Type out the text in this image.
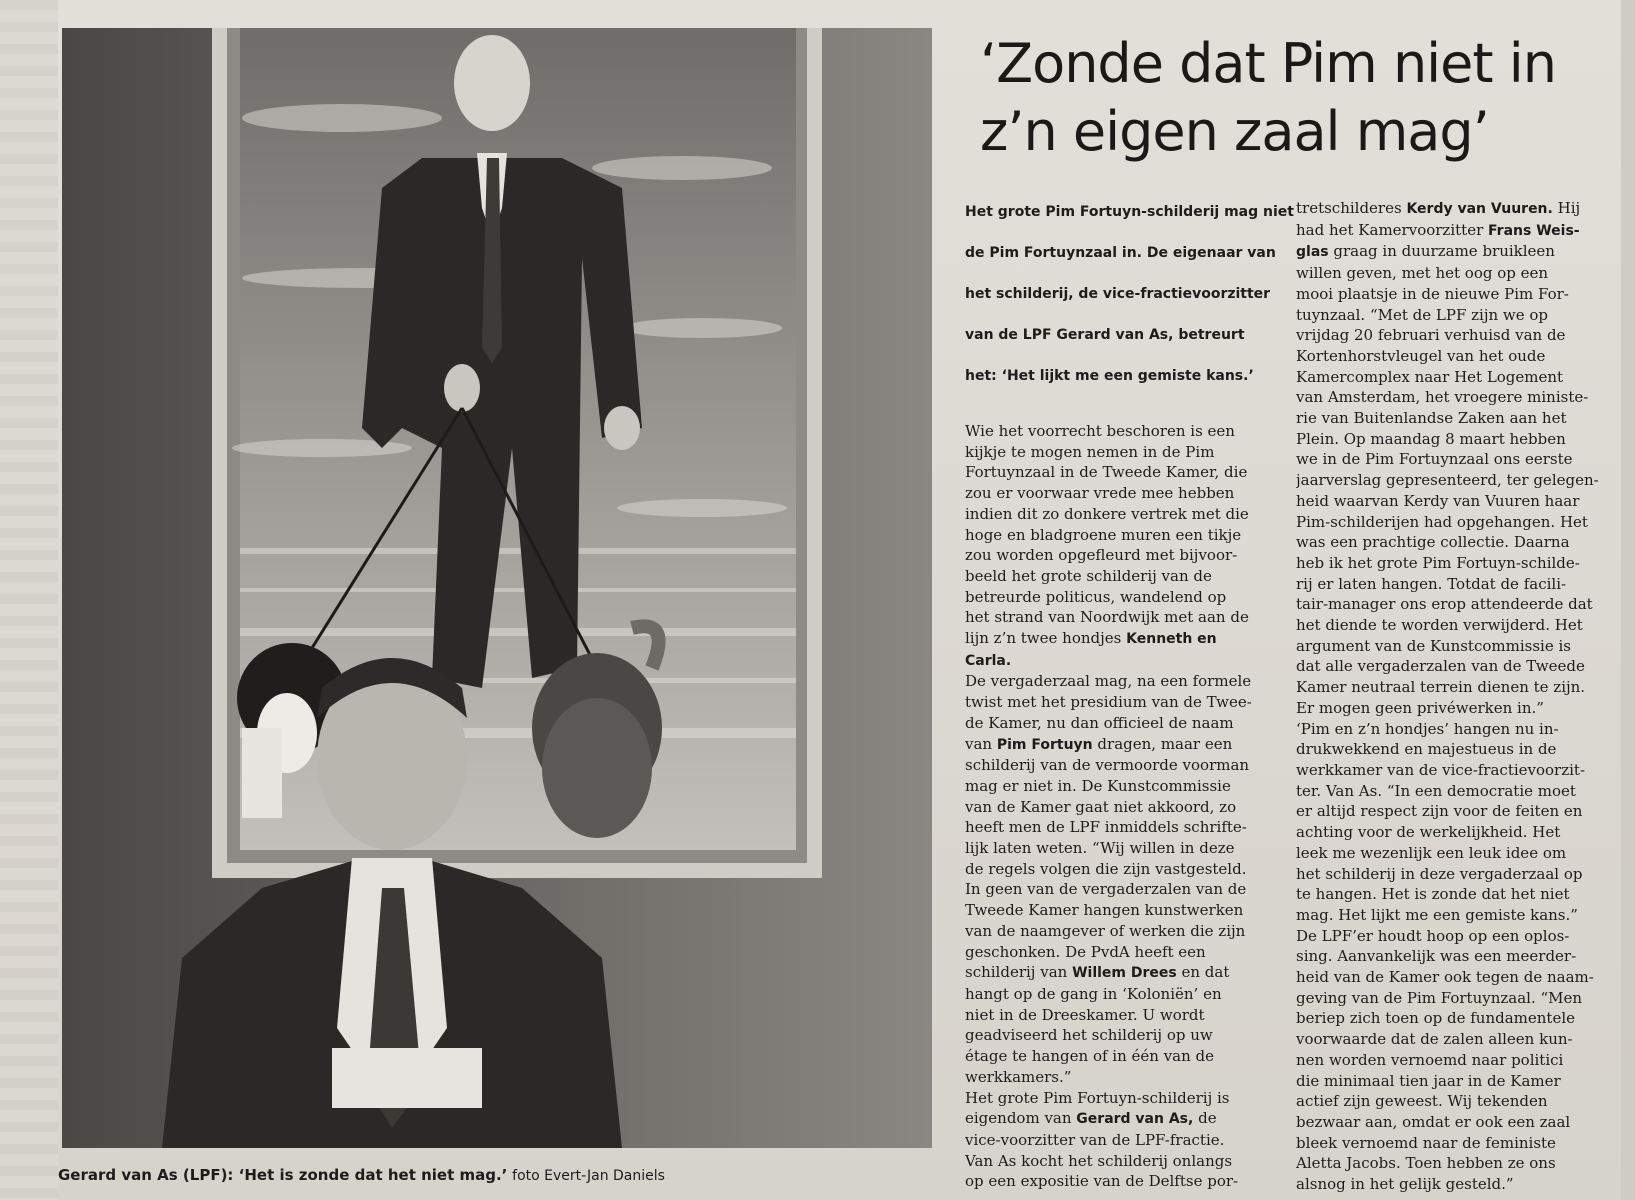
Gerard van As (LPF): ‘Het is zonde dat het niet mag.’ foto Evert-Jan Daniels
‘Zonde dat Pim niet in
z’n eigen zaal mag’
Het grote Pim Fortuyn-schilderij mag niet
de Pim Fortuynzaal in. De eigenaar van
het schilderij, de vice-fractievoorzitter
van de LPF Gerard van As, betreurt
het: ‘Het lijkt me een gemiste kans.’
Wie het voorrecht beschoren is een
kijkje te mogen nemen in de Pim
Fortuynzaal in de Tweede Kamer, die
zou er voorwaar vrede mee hebben
indien dit zo donkere vertrek met die
hoge en bladgroene muren een tikje
zou worden opgefleurd met bijvoor-
beeld het grote schilderij van de
betreurde politicus, wandelend op
het strand van Noordwijk met aan de
lijn z’n twee hondjes Kenneth en
Carla.
De vergaderzaal mag, na een formele
twist met het presidium van de Twee-
de Kamer, nu dan officieel de naam
van Pim Fortuyn dragen, maar een
schilderij van de vermoorde voorman
mag er niet in. De Kunstcommissie
van de Kamer gaat niet akkoord, zo
heeft men de LPF inmiddels schrifte-
lijk laten weten. “Wij willen in deze
de regels volgen die zijn vastgesteld.
In geen van de vergaderzalen van de
Tweede Kamer hangen kunstwerken
van de naamgever of werken die zijn
geschonken. De PvdA heeft een
schilderij van Willem Drees en dat
hangt op de gang in ‘Koloniën’ en
niet in de Dreeskamer. U wordt
geadviseerd het schilderij op uw
étage te hangen of in één van de
werkkamers.”
Het grote Pim Fortuyn-schilderij is
eigendom van Gerard van As, de
vice-voorzitter van de LPF-fractie.
Van As kocht het schilderij onlangs
op een expositie van de Delftse por-
tretschilderes Kerdy van Vuuren. Hij
had het Kamervoorzitter Frans Weis-
glas graag in duurzame bruikleen
willen geven, met het oog op een
mooi plaatsje in de nieuwe Pim For-
tuynzaal. “Met de LPF zijn we op
vrijdag 20 februari verhuisd van de
Kortenhorstvleugel van het oude
Kamercomplex naar Het Logement
van Amsterdam, het vroegere ministe-
rie van Buitenlandse Zaken aan het
Plein. Op maandag 8 maart hebben
we in de Pim Fortuynzaal ons eerste
jaarverslag gepresenteerd, ter gelegen-
heid waarvan Kerdy van Vuuren haar
Pim-schilderijen had opgehangen. Het
was een prachtige collectie. Daarna
heb ik het grote Pim Fortuyn-schilde-
rij er laten hangen. Totdat de facili-
tair-manager ons erop attendeerde dat
het diende te worden verwijderd. Het
argument van de Kunstcommissie is
dat alle vergaderzalen van de Tweede
Kamer neutraal terrein dienen te zijn.
Er mogen geen privéwerken in.”
‘Pim en z’n hondjes’ hangen nu in-
drukwekkend en majestueus in de
werkkamer van de vice-fractievoorzit-
ter. Van As. “In een democratie moet
er altijd respect zijn voor de feiten en
achting voor de werkelijkheid. Het
leek me wezenlijk een leuk idee om
het schilderij in deze vergaderzaal op
te hangen. Het is zonde dat het niet
mag. Het lijkt me een gemiste kans.”
De LPF’er houdt hoop op een oplos-
sing. Aanvankelijk was een meerder-
heid van de Kamer ook tegen de naam-
geving van de Pim Fortuynzaal. “Men
beriep zich toen op de fundamentele
voorwaarde dat de zalen alleen kun-
nen worden vernoemd naar politici
die minimaal tien jaar in de Kamer
actief zijn geweest. Wij tekenden
bezwaar aan, omdat er ook een zaal
bleek vernoemd naar de feministe
Aletta Jacobs. Toen hebben ze ons
alsnog in het gelijk gesteld.”
